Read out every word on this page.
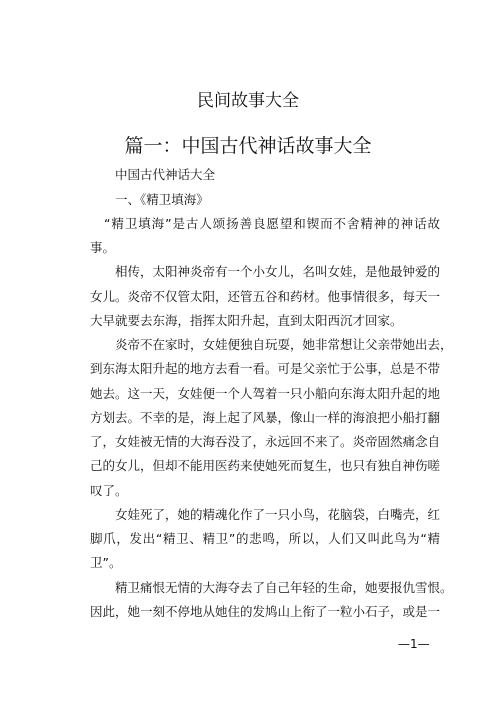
民间故事大全
篇一：中国古代神话故事大全
中国古代神话大全
一、《精卫填海》
“精卫填海”是古人颂扬善良愿望和锲而不舍精神的神话故
事。
相传，太阳神炎帝有一个小女儿，名叫女娃，是他最钟爱的
女儿。炎帝不仅管太阳，还管五谷和药材。他事情很多，每天一
大早就要去东海，指挥太阳升起，直到太阳西沉才回家。
炎帝不在家时，女娃便独自玩耍，她非常想让父亲带她出去，
到东海太阳升起的地方去看一看。可是父亲忙于公事，总是不带
她去。这一天，女娃便一个人驾着一只小船向东海太阳升起的地
方划去。不幸的是，海上起了风暴，像山一样的海浪把小船打翻
了，女娃被无情的大海吞没了，永远回不来了。炎帝固然痛念自
己的女儿，但却不能用医药来使她死而复生，也只有独自神伤嗟
叹了。
女娃死了，她的精魂化作了一只小鸟，花脑袋，白嘴壳，红
脚爪，发出“精卫、精卫”的悲鸣，所以，人们又叫此鸟为“精
卫”。
精卫痛恨无情的大海夺去了自己年轻的生命，她要报仇雪恨。
因此，她一刻不停地从她住的发鸠山上衔了一粒小石子，或是一
—1—
